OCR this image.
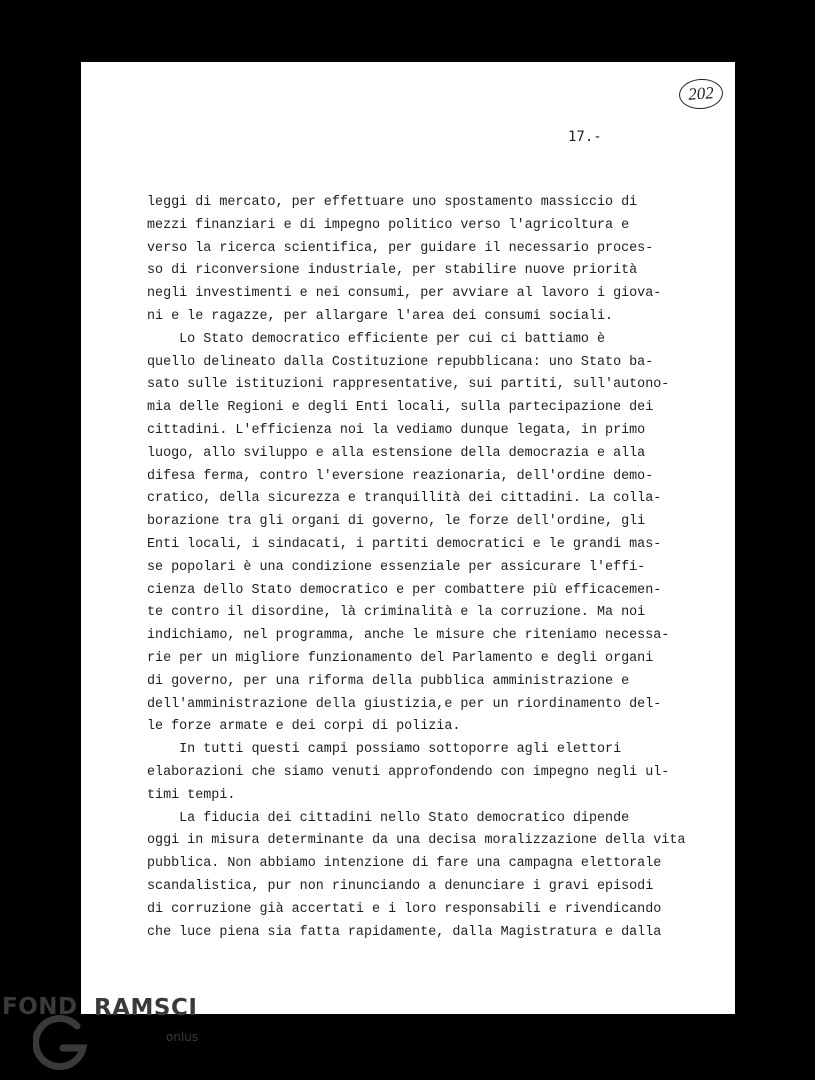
202
17.-
leggi di mercato, per effettuare uno spostamento massiccio di
mezzi finanziari e di impegno politico verso l'agricoltura e
verso la ricerca scientifica, per guidare il necessario proces-
so di riconversione industriale, per stabilire nuove priorità
negli investimenti e nei consumi, per avviare al lavoro i giova-
ni e le ragazze, per allargare l'area dei consumi sociali.
Lo Stato democratico efficiente per cui ci battiamo è
quello delineato dalla Costituzione repubblicana: uno Stato ba-
sato sulle istituzioni rappresentative, sui partiti, sull'autono-
mia delle Regioni e degli Enti locali, sulla partecipazione dei
cittadini. L'efficienza noi la vediamo dunque legata, in primo
luogo, allo sviluppo e alla estensione della democrazia e alla
difesa ferma, contro l'eversione reazionaria, dell'ordine demo-
cratico, della sicurezza e tranquillità dei cittadini. La colla-
borazione tra gli organi di governo, le forze dell'ordine, gli
Enti locali, i sindacati, i partiti democratici e le grandi mas-
se popolari è una condizione essenziale per assicurare l'effi-
cienza dello Stato democratico e per combattere più efficacemen-
te contro il disordine, là criminalità e la corruzione. Ma noi
indichiamo, nel programma, anche le misure che riteniamo necessa-
rie per un migliore funzionamento del Parlamento e degli organi
di governo, per una riforma della pubblica amministrazione e
dell'amministrazione della giustizia,e per un riordinamento del-
le forze armate e dei corpi di polizia.
In tutti questi campi possiamo sottoporre agli elettori
elaborazioni che siamo venuti approfondendo con impegno negli ul-
timi tempi.
La fiducia dei cittadini nello Stato democratico dipende
oggi in misura determinante da una decisa moralizzazione della vita
pubblica. Non abbiamo intenzione di fare una campagna elettorale
scandalistica, pur non rinunciando a denunciare i gravi episodi
di corruzione già accertati e i loro responsabili e rivendicando
che luce piena sia fatta rapidamente, dalla Magistratura e dalla
FOND RAMSCI
onlus
